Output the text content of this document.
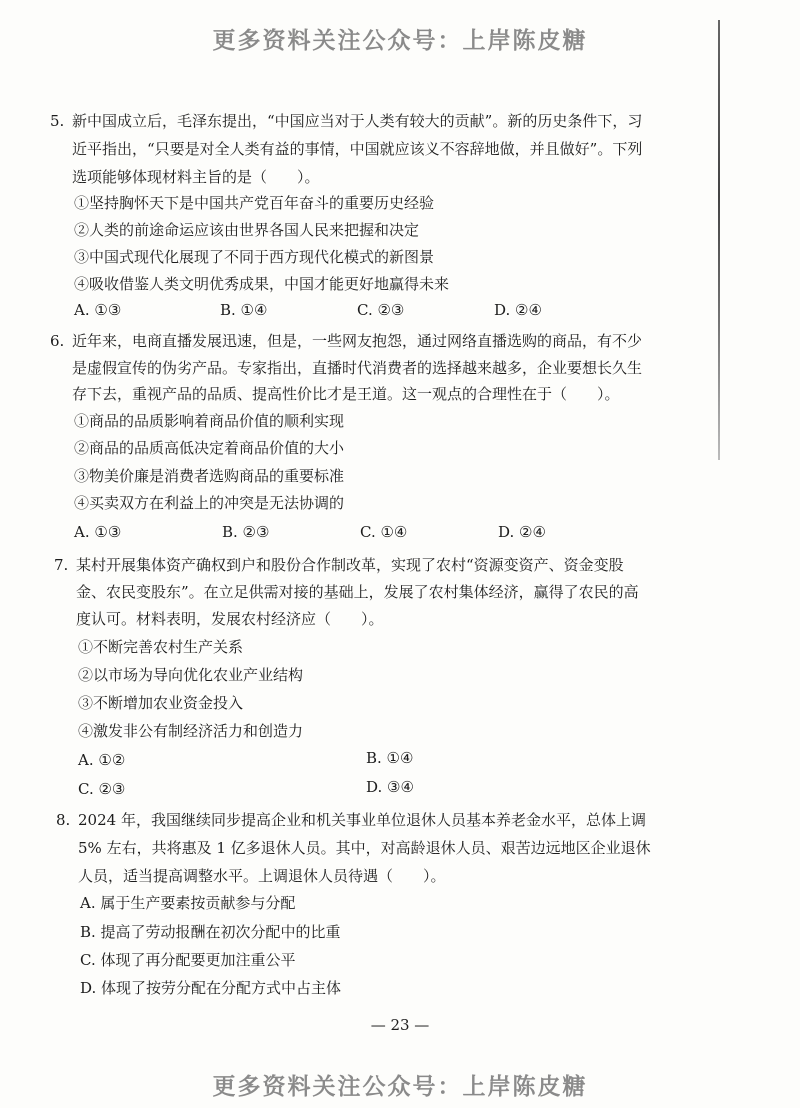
更多资料关注公众号：上岸陈皮糖
5. 新中国成立后，毛泽东提出，“中国应当对于人类有较大的贡献”。新的历史条件下，习
近平指出，“只要是对全人类有益的事情，中国就应该义不容辞地做，并且做好”。下列
选项能够体现材料主旨的是（　　）。
①坚持胸怀天下是中国共产党百年奋斗的重要历史经验
②人类的前途命运应该由世界各国人民来把握和决定
③中国式现代化展现了不同于西方现代化模式的新图景
④吸收借鉴人类文明优秀成果，中国才能更好地赢得未来
A. ①③	B. ①④	C. ②③	D. ②④
6. 近年来，电商直播发展迅速，但是，一些网友抱怨，通过网络直播选购的商品，有不少
是虚假宣传的伪劣产品。专家指出，直播时代消费者的选择越来越多，企业要想长久生
存下去，重视产品的品质、提高性价比才是王道。这一观点的合理性在于（　　）。
①商品的品质影响着商品价值的顺利实现
②商品的品质高低决定着商品价值的大小
③物美价廉是消费者选购商品的重要标准
④买卖双方在利益上的冲突是无法协调的
A. ①③	B. ②③	C. ①④	D. ②④
7. 某村开展集体资产确权到户和股份合作制改革，实现了农村“资源变资产、资金变股
金、农民变股东”。在立足供需对接的基础上，发展了农村集体经济，赢得了农民的高
度认可。材料表明，发展农村经济应（　　）。
①不断完善农村生产关系
②以市场为导向优化农业产业结构
③不断增加农业资金投入
④激发非公有制经济活力和创造力
A. ①②	B. ①④
C. ②③	D. ③④
8. 2024 年，我国继续同步提高企业和机关事业单位退休人员基本养老金水平，总体上调
5% 左右，共将惠及 1 亿多退休人员。其中，对高龄退休人员、艰苦边远地区企业退休
人员，适当提高调整水平。上调退休人员待遇（　　）。
A. 属于生产要素按贡献参与分配
B. 提高了劳动报酬在初次分配中的比重
C. 体现了再分配要更加注重公平
D. 体现了按劳分配在分配方式中占主体
— 23 —
更多资料关注公众号：上岸陈皮糖
